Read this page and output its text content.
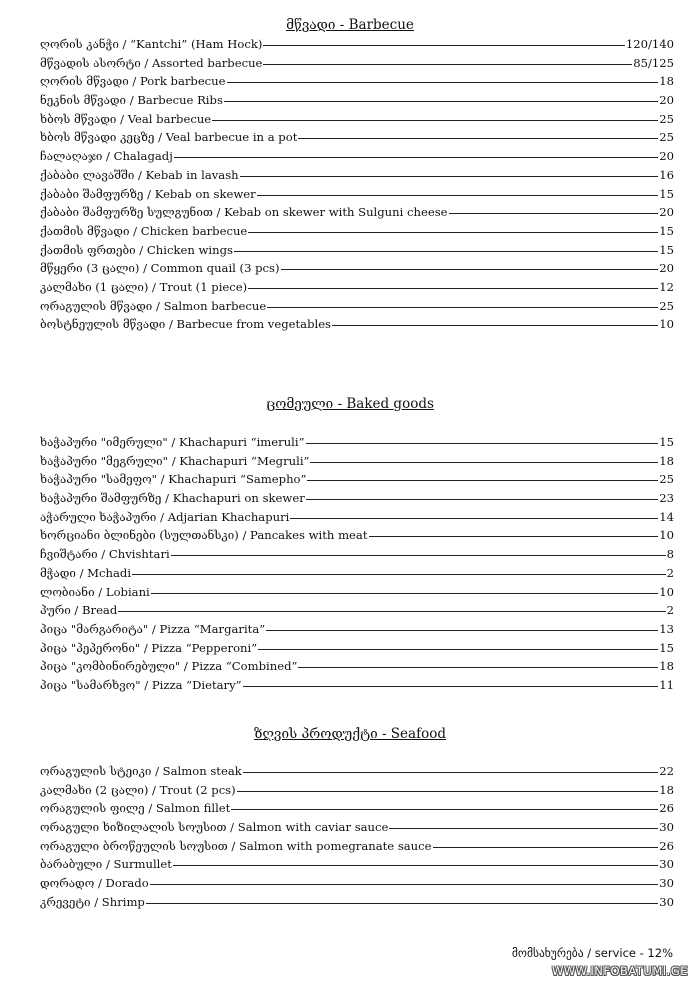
მწვადი - Barbecue
ღორის კანჭი / “Kantchi” (Ham Hock)	120/140
მწვადის ასორტი / Assorted barbecue	85/125
ღორის მწვადი / Pork barbecue	18
ნეკნის მწვადი / Barbecue Ribs	20
ხბოს მწვადი / Veal barbecue	25
ხბოს მწვადი კეცზე / Veal barbecue in a pot	25
ჩალაღაჯი / Chalagadj	20
ქაბაბი ლავაშში / Kebab in lavash	16
ქაბაბი შამფურზე / Kebab on skewer	15
ქაბაბი შამფურზე სულგუნით / Kebab on skewer with Sulguni cheese	20
ქათმის მწვადი / Chicken barbecue	15
ქათმის ფრთები / Chicken wings	15
მწყერი (3 ცალი) / Common quail (3 pcs)	20
კალმახი (1 ცალი) / Trout (1 piece)	12
ორაგულის მწვადი / Salmon barbecue	25
ბოსტნეულის მწვადი / Barbecue from vegetables	10
ცომეული - Baked goods
ხაჭაპური "იმერული" / Khachapuri “imeruli”	15
ხაჭაპური "მეგრული" / Khachapuri “Megruli”	18
ხაჭაპური "სამეფო" / Khachapuri “Samepho”	25
ხაჭაპური შამფურზე / Khachapuri on skewer	23
აჭარული ხაჭაპური / Adjarian Khachapuri	14
ხორციანი ბლინები (სულთანსკი) / Pancakes with meat	10
ჩვიშტარი / Chvishtari	8
მჭადი / Mchadi	2
ლობიანი / Lobiani	10
პური / Bread	2
პიცა "მარგარიტა" / Pizza “Margarita”	13
პიცა "პეპერონი" / Pizza “Pepperoni”	15
პიცა "კომბინირებული" / Pizza “Combined”	18
პიცა "სამარხვო" / Pizza “Dietary”	11
ზღვის პროდუქტი - Seafood
ორაგულის სტეიკი / Salmon steak	22
კალმახი (2 ცალი) / Trout (2 pcs)	18
ორაგულის ფილე / Salmon fillet	26
ორაგული ხიზილალის სოუსით / Salmon with caviar sauce	30
ორაგული ბროწეულის სოუსით / Salmon with pomegranate sauce	26
ბარაბული / Surmullet	30
დორადო / Dorado	30
კრევეტი / Shrimp	30
მომსახურება / service - 12%
WWW.INFOBATUMI.GE
